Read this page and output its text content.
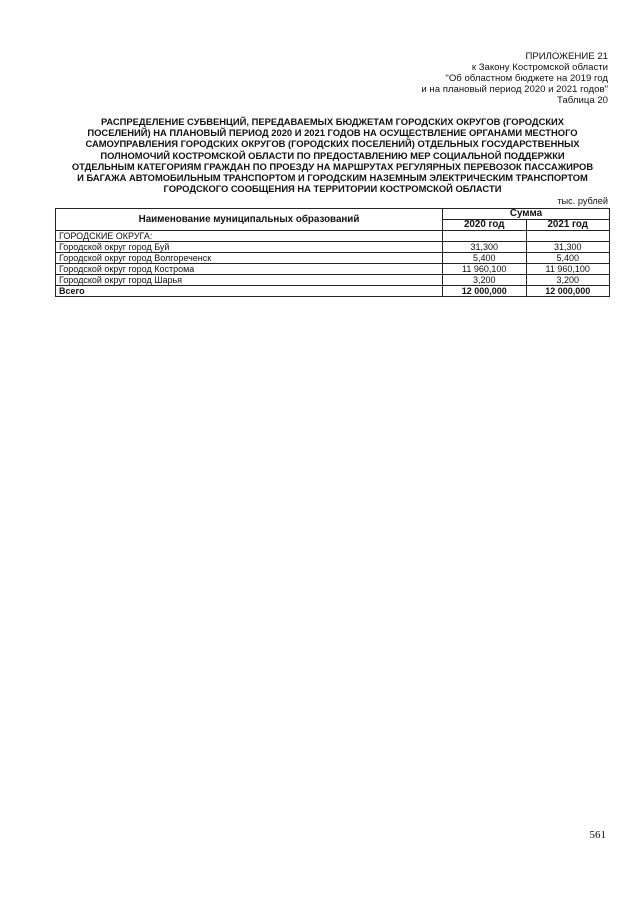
ПРИЛОЖЕНИЕ 21
к Закону Костромской области
"Об областном бюджете на 2019 год
и на плановый период 2020 и 2021 годов"
Таблица 20
РАСПРЕДЕЛЕНИЕ СУБВЕНЦИЙ, ПЕРЕДАВАЕМЫХ БЮДЖЕТАМ ГОРОДСКИХ ОКРУГОВ (ГОРОДСКИХ
ПОСЕЛЕНИЙ) НА ПЛАНОВЫЙ ПЕРИОД 2020 И 2021 ГОДОВ НА ОСУЩЕСТВЛЕНИЕ ОРГАНАМИ МЕСТНОГО
САМОУПРАВЛЕНИЯ ГОРОДСКИХ ОКРУГОВ (ГОРОДСКИХ ПОСЕЛЕНИЙ) ОТДЕЛЬНЫХ ГОСУДАРСТВЕННЫХ
ПОЛНОМОЧИЙ КОСТРОМСКОЙ ОБЛАСТИ ПО ПРЕДОСТАВЛЕНИЮ МЕР СОЦИАЛЬНОЙ ПОДДЕРЖКИ
ОТДЕЛЬНЫМ КАТЕГОРИЯМ ГРАЖДАН ПО ПРОЕЗДУ НА МАРШРУТАХ РЕГУЛЯРНЫХ ПЕРЕВОЗОК ПАССАЖИРОВ
И БАГАЖА АВТОМОБИЛЬНЫМ ТРАНСПОРТОМ И ГОРОДСКИМ НАЗЕМНЫМ ЭЛЕКТРИЧЕСКИМ ТРАНСПОРТОМ
ГОРОДСКОГО СООБЩЕНИЯ НА ТЕРРИТОРИИ КОСТРОМСКОЙ ОБЛАСТИ
тыс. рублей
Наименование муниципальных образований	Сумма	
	2020 год	2021 год
ГОРОДСКИЕ ОКРУГА:		
Городской округ город Буй	31,300	31,300
Городской округ город Волгореченск	5,400	5,400
Городской округ город Кострома	11 960,100	11 960,100
Городской округ город Шарья	3,200	3,200
Всего	12 000,000	12 000,000
561
